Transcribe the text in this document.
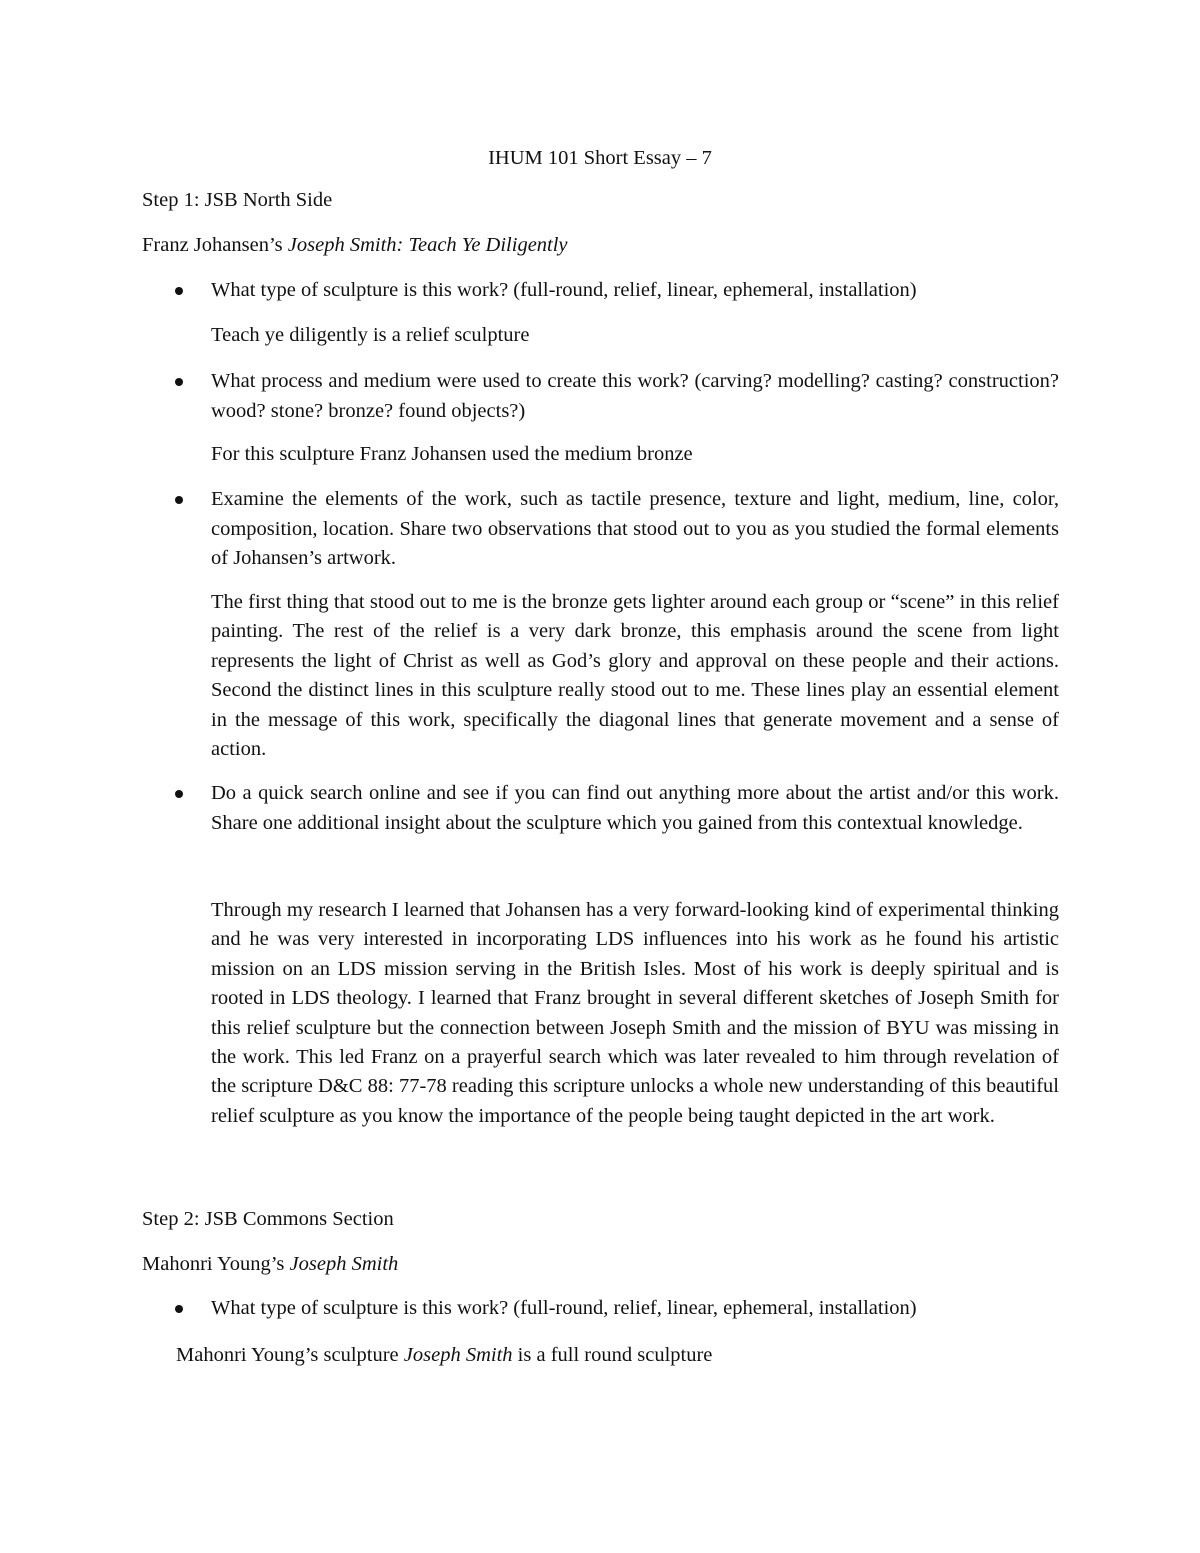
IHUM 101 Short Essay – 7
Step 1: JSB North Side
Franz Johansen’s Joseph Smith: Teach Ye Diligently
What type of sculpture is this work? (full-round, relief, linear, ephemeral, installation)
Teach ye diligently is a relief sculpture
What process and medium were used to create this work? (carving? modelling? casting? construction? wood? stone? bronze? found objects?)
For this sculpture Franz Johansen used the medium bronze
Examine the elements of the work, such as tactile presence, texture and light, medium, line, color, composition, location. Share two observations that stood out to you as you studied the formal elements of Johansen’s artwork.
The first thing that stood out to me is the bronze gets lighter around each group or “scene” in this relief painting. The rest of the relief is a very dark bronze, this emphasis around the scene from light represents the light of Christ as well as God’s glory and approval on these people and their actions. Second the distinct lines in this sculpture really stood out to me. These lines play an essential element in the message of this work, specifically the diagonal lines that generate movement and a sense of action.
Do a quick search online and see if you can find out anything more about the artist and/or this work. Share one additional insight about the sculpture which you gained from this contextual knowledge.
Through my research I learned that Johansen has a very forward-looking kind of experimental thinking and he was very interested in incorporating LDS influences into his work as he found his artistic mission on an LDS mission serving in the British Isles. Most of his work is deeply spiritual and is rooted in LDS theology. I learned that Franz brought in several different sketches of Joseph Smith for this relief sculpture but the connection between Joseph Smith and the mission of BYU was missing in the work. This led Franz on a prayerful search which was later revealed to him through revelation of the scripture D&C 88: 77-78 reading this scripture unlocks a whole new understanding of this beautiful relief sculpture as you know the importance of the people being taught depicted in the art work.
Step 2: JSB Commons Section
Mahonri Young’s Joseph Smith
What type of sculpture is this work? (full-round, relief, linear, ephemeral, installation)
Mahonri Young’s sculpture Joseph Smith is a full round sculpture
